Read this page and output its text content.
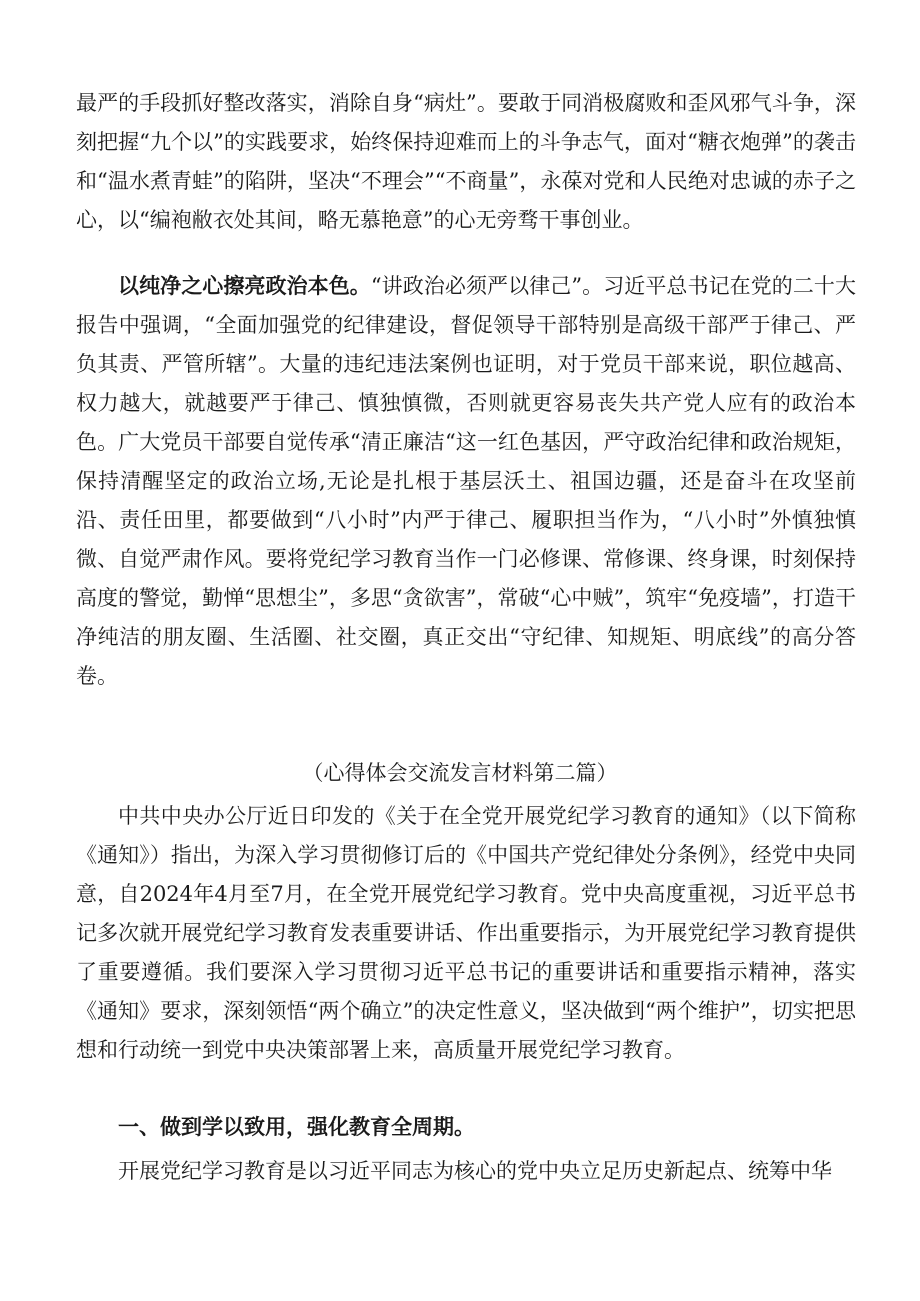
最严的手段抓好整改落实，消除自身“病灶”。要敢于同消极腐败和歪风邪气斗争，深刻把握“九个以”的实践要求，始终保持迎难而上的斗争志气，面对“糖衣炮弹”的袭击和“温水煮青蛙”的陷阱，坚决“不理会”“不商量”，永葆对党和人民绝对忠诚的赤子之心，以“编袍敝衣处其间，略无慕艳意”的心无旁骛干事创业。

以纯净之心擦亮政治本色。“讲政治必须严以律己”。习近平总书记在党的二十大报告中强调，“全面加强党的纪律建设，督促领导干部特别是高级干部严于律己、严负其责、严管所辖”。大量的违纪违法案例也证明，对于党员干部来说，职位越高、权力越大，就越要严于律己、慎独慎微，否则就更容易丧失共产党人应有的政治本色。广大党员干部要自觉传承“清正廉洁“这一红色基因，严守政治纪律和政治规矩，保持清醒坚定的政治立场,无论是扎根于基层沃土、祖国边疆，还是奋斗在攻坚前沿、责任田里，都要做到“八小时”内严于律己、履职担当作为，“八小时”外慎独慎微、自觉严肃作风。要将党纪学习教育当作一门必修课、常修课、终身课，时刻保持高度的警觉，勤惮“思想尘”，多思“贪欲害”，常破“心中贼”，筑牢“免疫墙”，打造干净纯洁的朋友圈、生活圈、社交圈，真正交出“守纪律、知规矩、明底线”的高分答卷。

（心得体会交流发言材料第二篇）

中共中央办公厅近日印发的《关于在全党开展党纪学习教育的通知》（以下简称《通知》）指出，为深入学习贯彻修订后的《中国共产党纪律处分条例》，经党中央同意，自2024年4月至7月，在全党开展党纪学习教育。党中央高度重视，习近平总书记多次就开展党纪学习教育发表重要讲话、作出重要指示，为开展党纪学习教育提供了重要遵循。我们要深入学习贯彻习近平总书记的重要讲话和重要指示精神，落实《通知》要求，深刻领悟“两个确立”的决定性意义，坚决做到“两个维护”，切实把思想和行动统一到党中央决策部署上来，高质量开展党纪学习教育。

一、做到学以致用，强化教育全周期。

开展党纪学习教育是以习近平同志为核心的党中央立足历史新起点、统筹中华
